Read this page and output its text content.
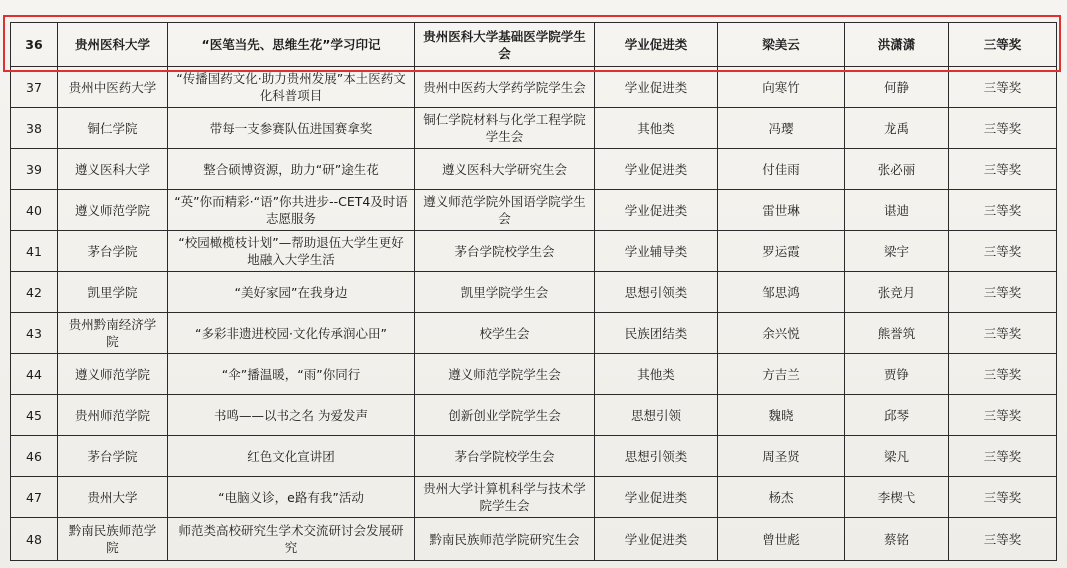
36	贵州医科大学	“医笔当先、思维生花”学习印记	贵州医科大学基础医学院学生会	学业促进类	梁美云	洪潇潇	三等奖
37	贵州中医药大学	“传播国药文化·助力贵州发展”本土医药文化科普项目	贵州中医药大学药学院学生会	学业促进类	向寒竹	何静	三等奖
38	铜仁学院	带每一支参赛队伍进国赛拿奖	铜仁学院材料与化学工程学院学生会	其他类	冯璎	龙禹	三等奖
39	遵义医科大学	整合硕博资源，助力“研”途生花	遵义医科大学研究生会	学业促进类	付佳雨	张必丽	三等奖
40	遵义师范学院	“英”你而精彩·“语”你共进步--CET4及时语志愿服务	遵义师范学院外国语学院学生会	学业促进类	雷世琳	谌迪	三等奖
41	茅台学院	“校园橄榄枝计划”—帮助退伍大学生更好地融入大学生活	茅台学院校学生会	学业辅导类	罗运霞	梁宇	三等奖
42	凯里学院	“美好家园”在我身边	凯里学院学生会	思想引领类	邹思鸿	张竞月	三等奖
43	贵州黔南经济学院	“多彩非遗进校园·文化传承润心田”	校学生会	民族团结类	余兴悦	熊誉筑	三等奖
44	遵义师范学院	“伞”播温暖，“雨”你同行	遵义师范学院学生会	其他类	方吉兰	贾铮	三等奖
45	贵州师范学院	书鸣——以书之名 为爱发声	创新创业学院学生会	思想引领	魏晓	邱琴	三等奖
46	茅台学院	红色文化宣讲团	茅台学院校学生会	思想引领类	周圣贤	梁凡	三等奖
47	贵州大学	“电脑义诊，e路有我”活动	贵州大学计算机科学与技术学院学生会	学业促进类	杨杰	李楔弋	三等奖
48	黔南民族师范学院	师范类高校研究生学术交流研讨会发展研究	黔南民族师范学院研究生会	学业促进类	曾世彪	蔡铭	三等奖
